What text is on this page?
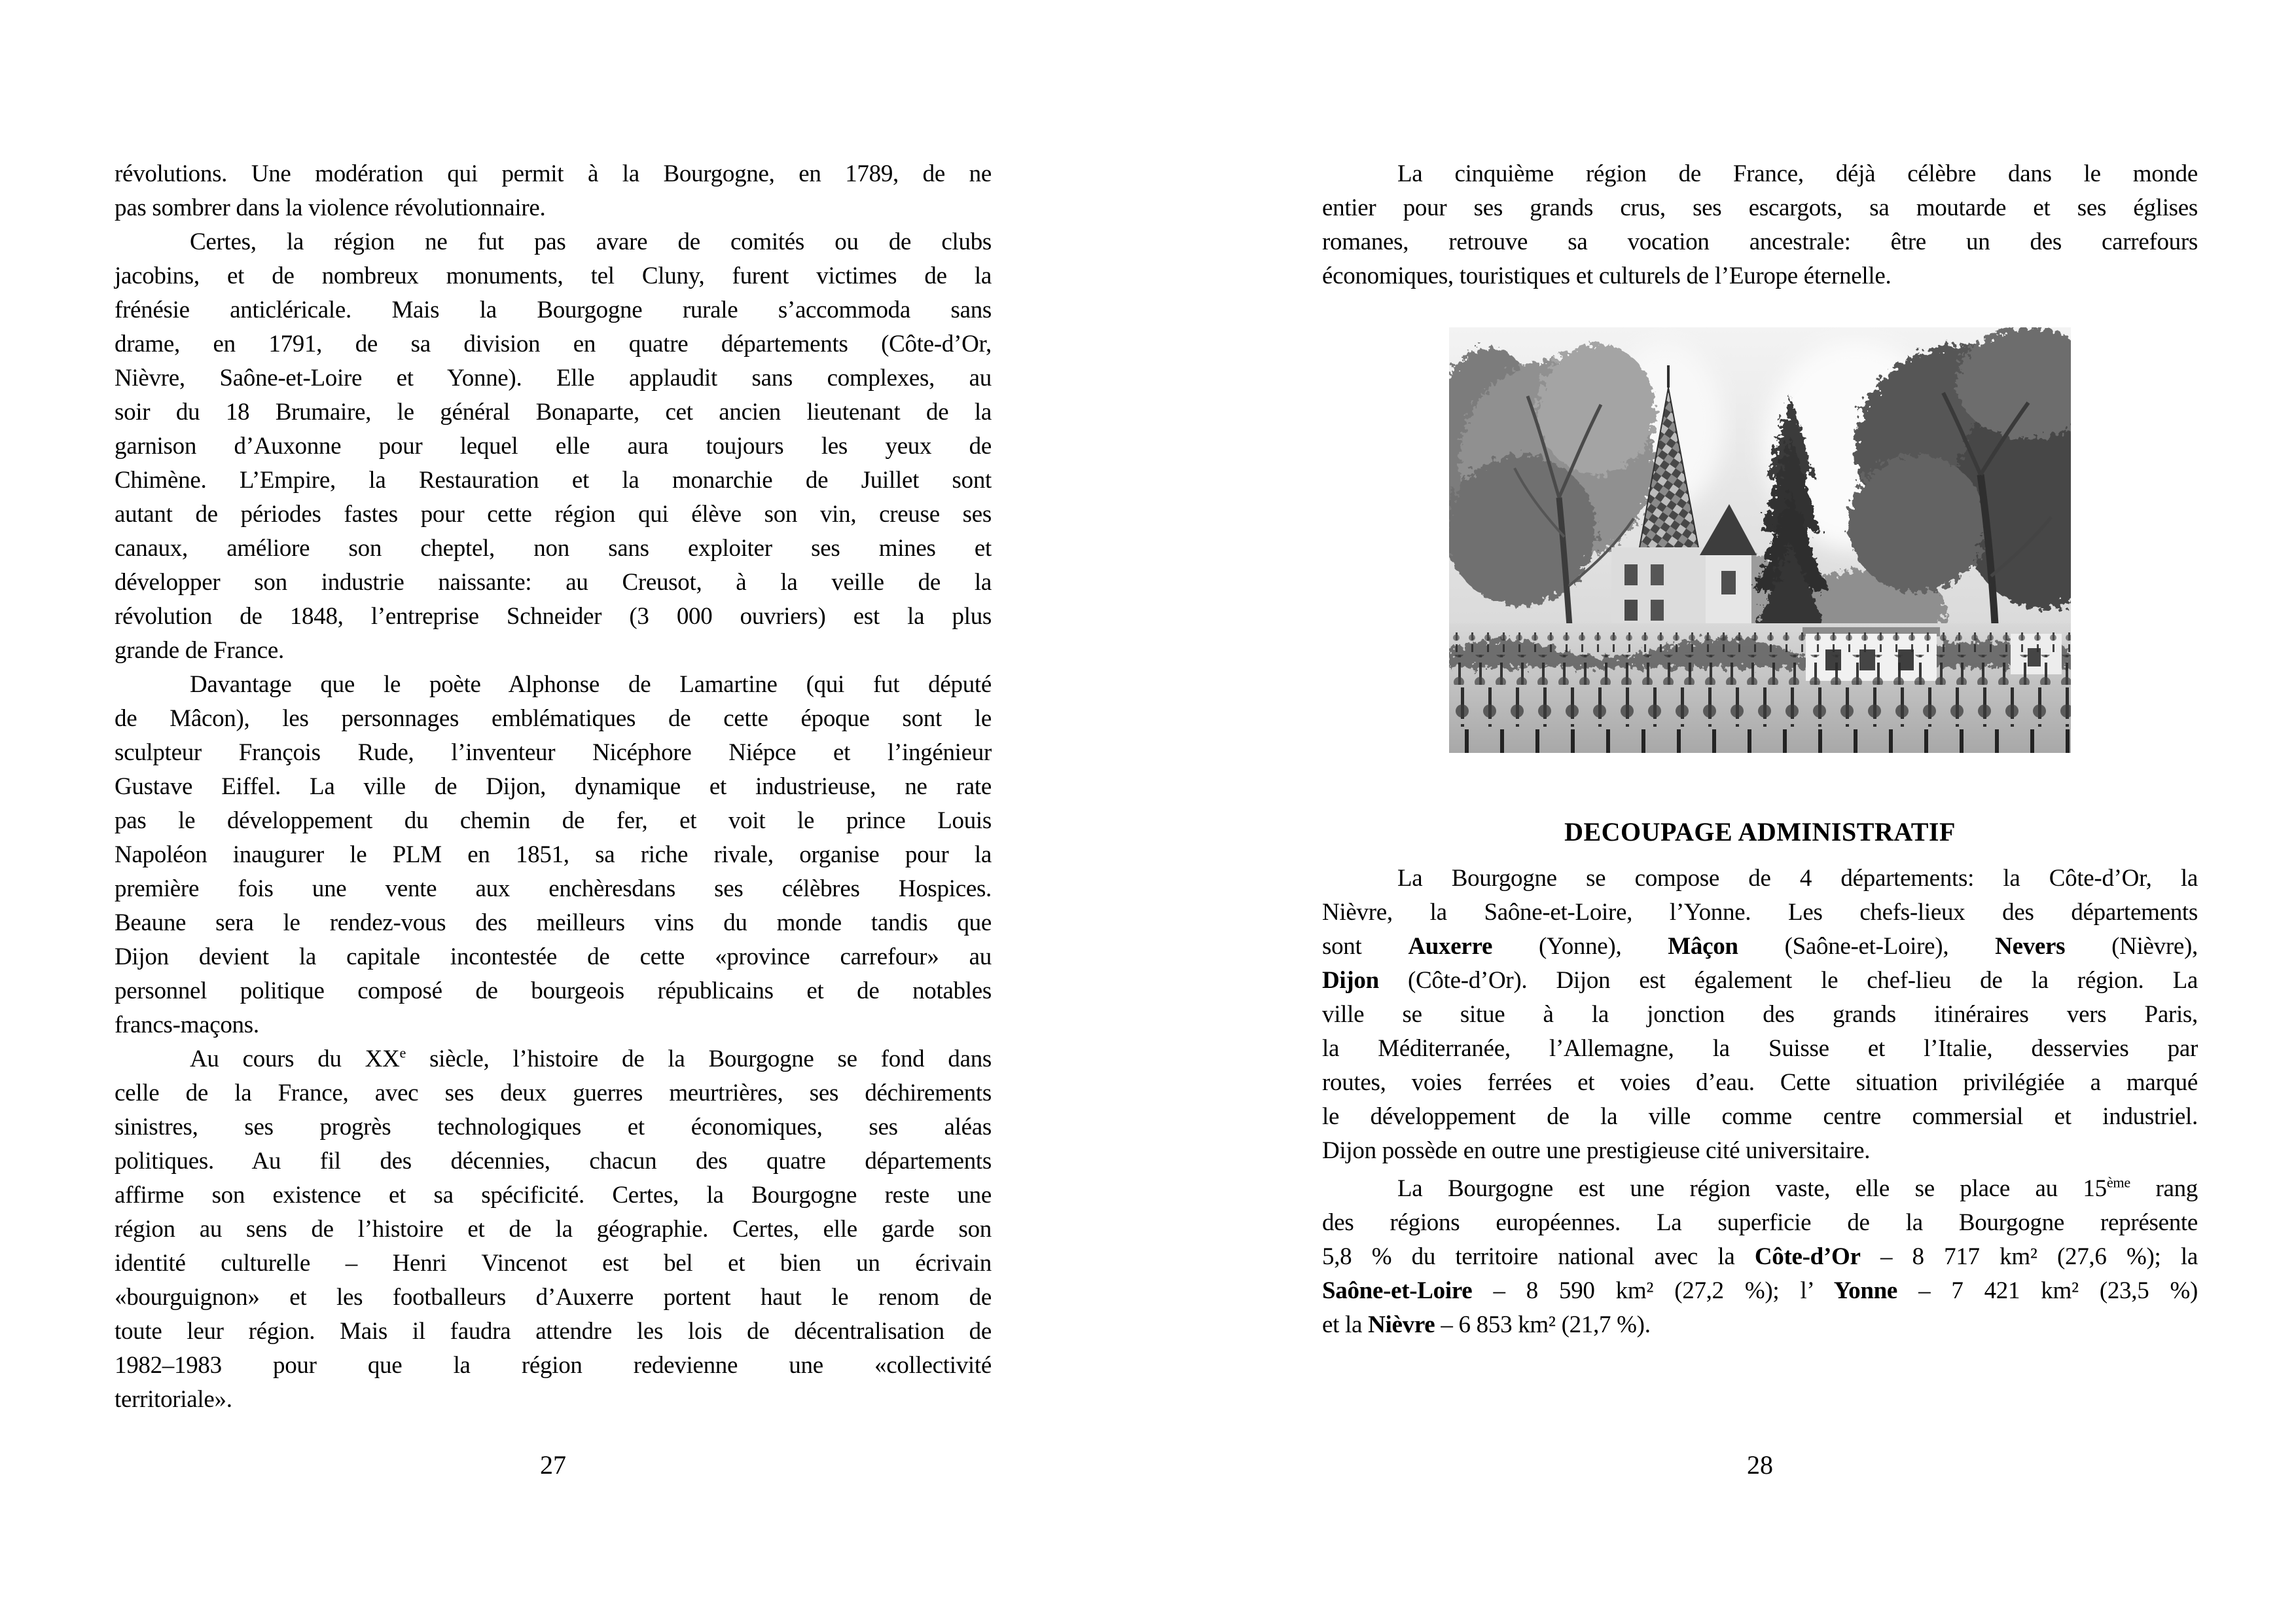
révolutions. Une modération qui permit à la Bourgogne, en 1789, de ne
pas sombrer dans la violence révolutionnaire.
Certes, la région ne fut pas avare de comités ou de clubs
jacobins, et de nombreux monuments, tel Cluny, furent victimes de la
frénésie anticléricale. Mais la Bourgogne rurale s’accommoda sans
drame, en 1791, de sa division en quatre départements (Côte-d’Or,
Nièvre, Saône-et-Loire et Yonne). Elle applaudit sans complexes, au
soir du 18 Brumaire, le général Bonaparte, cet ancien lieutenant de la
garnison d’Auxonne pour lequel elle aura toujours les yeux de
Chimène. L’Empire, la Restauration et la monarchie de Juillet sont
autant de périodes fastes pour cette région qui élève son vin, creuse ses
canaux, améliore son cheptel, non sans exploiter ses mines et
développer son industrie naissante: au Creusot, à la veille de la
révolution de 1848, l’entreprise Schneider (3 000 ouvriers) est la plus
grande de France.
Davantage que le poète Alphonse de Lamartine (qui fut député
de Mâcon), les personnages emblématiques de cette époque sont le
sculpteur François Rude, l’inventeur Nicéphore Niépce et l’ingénieur
Gustave Eiffel. La ville de Dijon, dynamique et industrieuse, ne rate
pas le développement du chemin de fer, et voit le prince Louis
Napoléon inaugurer le PLM en 1851, sa riche rivale, organise pour la
première fois une vente aux enchèresdans ses célèbres Hospices.
Beaune sera le rendez-vous des meilleurs vins du monde tandis que
Dijon devient la capitale incontestée de cette «province carrefour» au
personnel politique composé de bourgeois républicains et de notables
francs-maçons.
Au cours du XXe siècle, l’histoire de la Bourgogne se fond dans
celle de la France, avec ses deux guerres meurtrières, ses déchirements
sinistres, ses progrès technologiques et économiques, ses aléas
politiques. Au fil des décennies, chacun des quatre départements
affirme son existence et sa spécificité. Certes, la Bourgogne reste une
région au sens de l’histoire et de la géographie. Certes, elle garde son
identité culturelle – Henri Vincenot est bel et bien un écrivain
«bourguignon» et les footballeurs d’Auxerre portent haut le renom de
toute leur région. Mais il faudra attendre les lois de décentralisation de
1982–1983 pour que la région redevienne une «collectivité
territoriale».
27
La cinquième région de France, déjà célèbre dans le monde
entier pour ses grands crus, ses escargots, sa moutarde et ses églises
romanes, retrouve sa vocation ancestrale: être un des carrefours
économiques, touristiques et culturels de l’Europe éternelle.
DECOUPAGE ADMINISTRATIF
La Bourgogne se compose de 4 départements: la Côte-d’Or, la
Nièvre, la Saône-et-Loire, l’Yonne. Les chefs-lieux des départements
sont Auxerre (Yonne), Mâçon (Saône-et-Loire), Nevers (Nièvre),
Dijon (Côte-d’Or). Dijon est également le chef-lieu de la région. La
ville se situe à la jonction des grands itinéraires vers Paris,
la Méditerranée, l’Allemagne, la Suisse et l’Italie, desservies par
routes, voies ferrées et voies d’eau. Cette situation privilégiée a marqué
le développement de la ville comme centre commersial et industriel.
Dijon possède en outre une prestigieuse cité universitaire.
La Bourgogne est une région vaste, elle se place au 15ème rang
des régions européennes. La superficie de la Bourgogne représente
5,8 % du territoire national avec la Côte-d’Or – 8 717 km² (27,6 %); la
Saône-et-Loire – 8 590 km² (27,2 %); l’ Yonne – 7 421 km² (23,5 %)
et la Nièvre – 6 853 km² (21,7 %).
28
